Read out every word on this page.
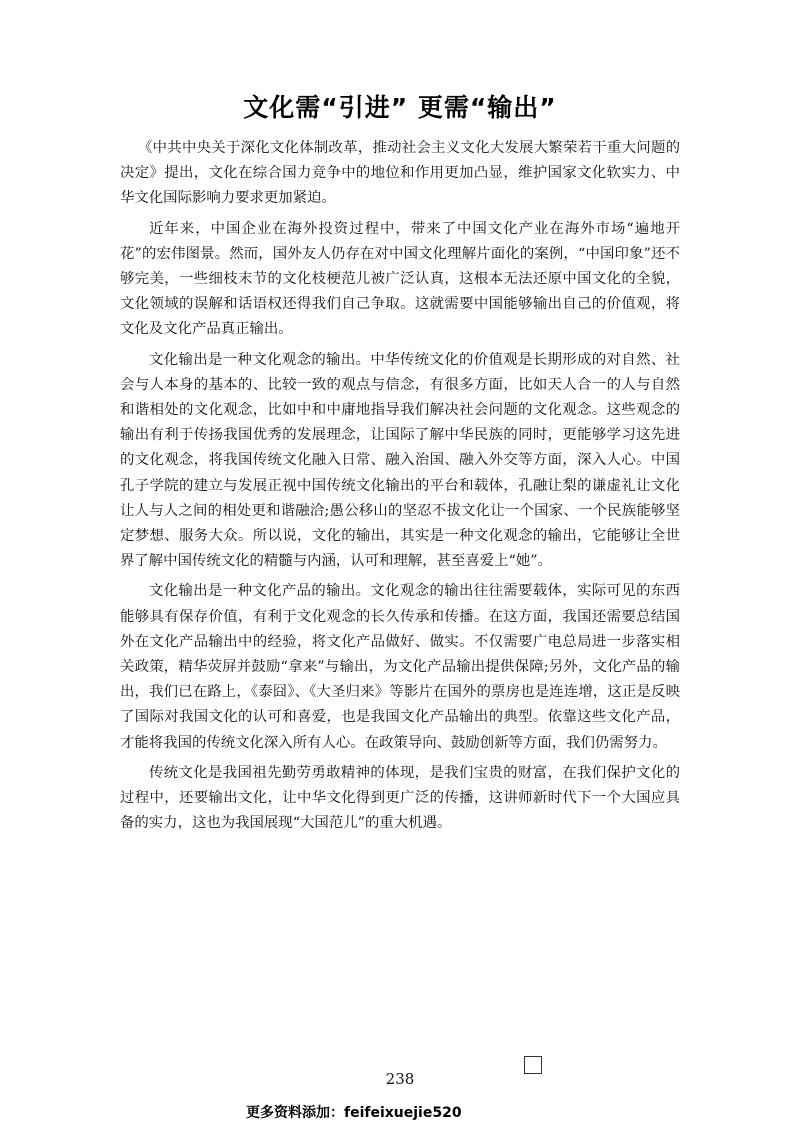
文化需“引进” 更需“输出”

《中共中央关于深化文化体制改革，推动社会主义文化大发展大繁荣若干重大问题的决定》提出，文化在综合国力竞争中的地位和作用更加凸显，维护国家文化软实力、中华文化国际影响力要求更加紧迫。

近年来，中国企业在海外投资过程中，带来了中国文化产业在海外市场“遍地开花”的宏伟图景。然而，国外友人仍存在对中国文化理解片面化的案例，“中国印象”还不够完美，一些细枝末节的文化枝梗范儿被广泛认真，这根本无法还原中国文化的全貌，文化领域的误解和话语权还得我们自己争取。这就需要中国能够输出自己的价值观，将文化及文化产品真正输出。

文化输出是一种文化观念的输出。中华传统文化的价值观是长期形成的对自然、社会与人本身的基本的、比较一致的观点与信念，有很多方面，比如天人合一的人与自然和谐相处的文化观念，比如中和中庸地指导我们解决社会问题的文化观念。这些观念的输出有利于传扬我国优秀的发展理念，让国际了解中华民族的同时，更能够学习这先进的文化观念，将我国传统文化融入日常、融入治国、融入外交等方面，深入人心。中国孔子学院的建立与发展正视中国传统文化输出的平台和载体，孔融让梨的谦虚礼让文化让人与人之间的相处更和谐融洽;愚公移山的坚忍不拔文化让一个国家、一个民族能够坚定梦想、服务大众。所以说，文化的输出，其实是一种文化观念的输出，它能够让全世界了解中国传统文化的精髓与内涵，认可和理解，甚至喜爱上“她”。

文化输出是一种文化产品的输出。文化观念的输出往往需要载体，实际可见的东西能够具有保存价值，有利于文化观念的长久传承和传播。在这方面，我国还需要总结国外在文化产品输出中的经验，将文化产品做好、做实。不仅需要广电总局进一步落实相关政策，精华荧屏并鼓励“拿来”与输出，为文化产品输出提供保障;另外，文化产品的输出，我们已在路上，《泰囧》、《大圣归来》等影片在国外的票房也是连连增，这正是反映了国际对我国文化的认可和喜爱，也是我国文化产品输出的典型。依靠这些文化产品，才能将我国的传统文化深入所有人心。在政策导向、鼓励创新等方面，我们仍需努力。

传统文化是我国祖先勤劳勇敢精神的体现，是我们宝贵的财富，在我们保护文化的过程中，还要输出文化，让中华文化得到更广泛的传播，这讲师新时代下一个大国应具备的实力，这也为我国展现“大国范儿”的重大机遇。

238
更多资料添加：feifeixuejie520
